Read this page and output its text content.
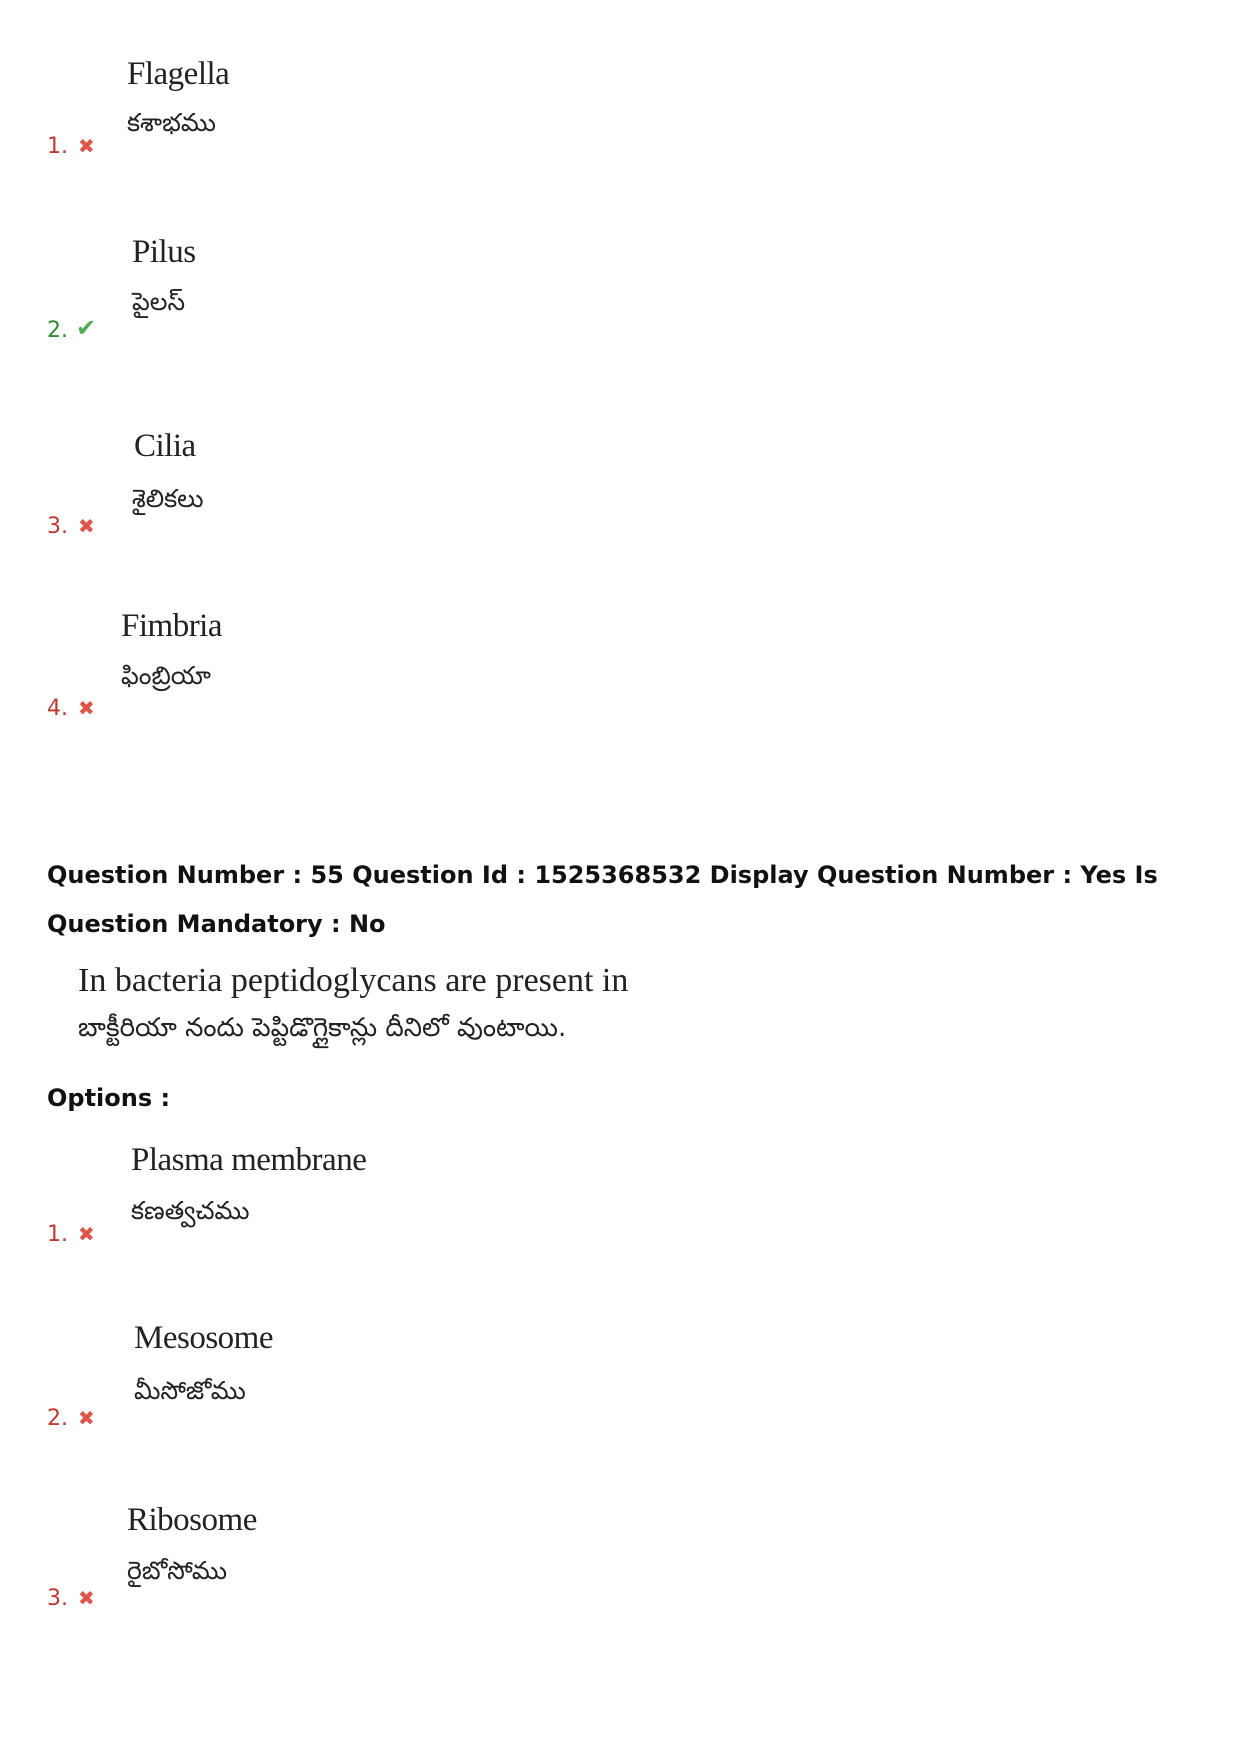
Flagella
కశాభము
1. ✖
Pilus
పైలస్
2. ✔
Cilia
శైలికలు
3. ✖
Fimbria
ఫింబ్రియా
4. ✖
Question Number : 55 Question Id : 1525368532 Display Question Number : Yes Is Question Mandatory : No
In bacteria peptidoglycans are present in
బాక్టీరియా నందు పెప్టిడొగ్లైకాన్లు దీనిలో వుంటాయి.
Options :
Plasma membrane
కణత్వచము
1. ✖
Mesosome
మీసోజోము
2. ✖
Ribosome
రైబోసోము
3. ✖
